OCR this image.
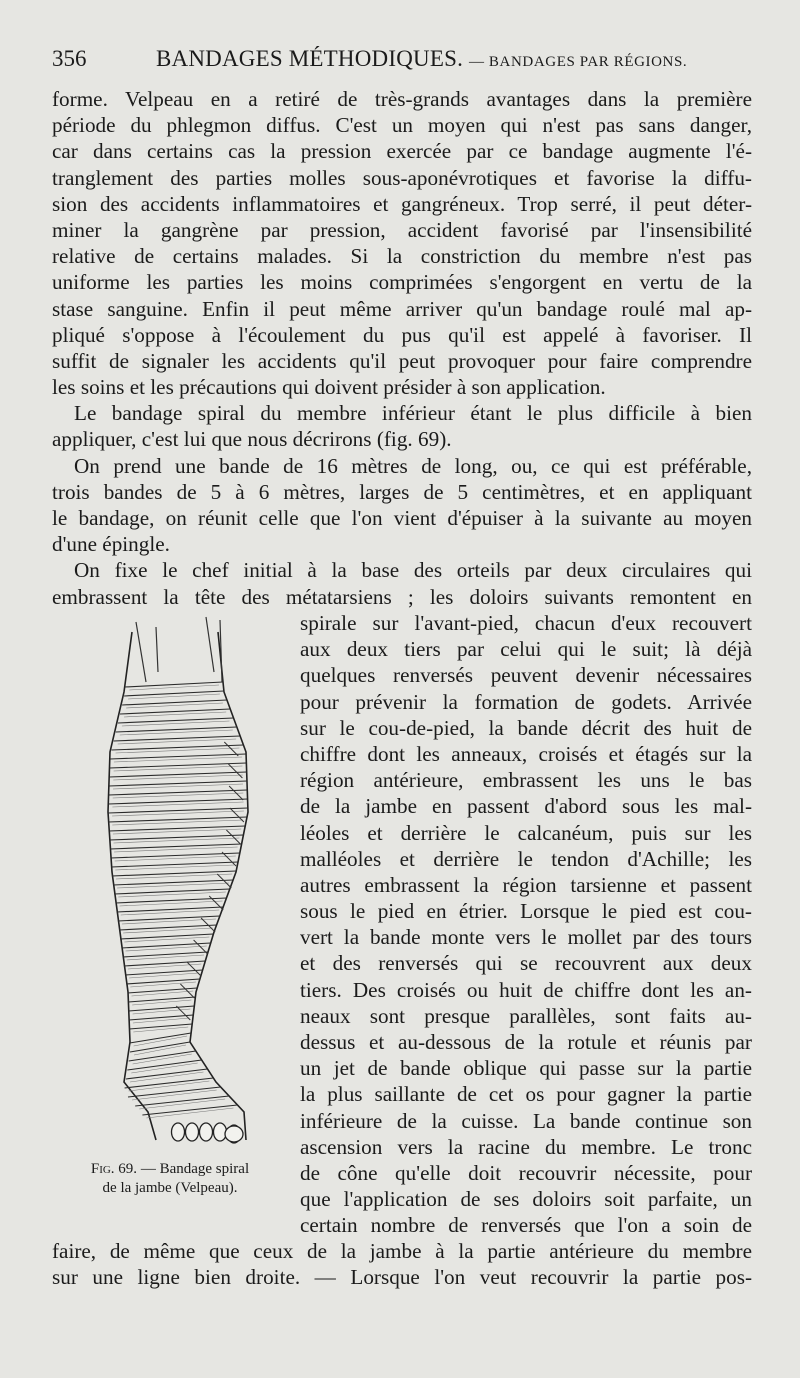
356	BANDAGES MÉTHODIQUES. — BANDAGES PAR RÉGIONS.
forme. Velpeau en a retiré de très-grands avantages dans la première
période du phlegmon diffus. C'est un moyen qui n'est pas sans danger,
car dans certains cas la pression exercée par ce bandage augmente l'é-
tranglement des parties molles sous-aponévrotiques et favorise la diffu-
sion des accidents inflammatoires et gangréneux. Trop serré, il peut déter-
miner la gangrène par pression, accident favorisé par l'insensibilité
relative de certains malades. Si la constriction du membre n'est pas
uniforme les parties les moins comprimées s'engorgent en vertu de la
stase sanguine. Enfin il peut même arriver qu'un bandage roulé mal ap-
pliqué s'oppose à l'écoulement du pus qu'il est appelé à favoriser. Il
suffit de signaler les accidents qu'il peut provoquer pour faire comprendre
les soins et les précautions qui doivent présider à son application.
Le bandage spiral du membre inférieur étant le plus difficile à bien
appliquer, c'est lui que nous décrirons (fig. 69).
On prend une bande de 16 mètres de long, ou, ce qui est préférable,
trois bandes de 5 à 6 mètres, larges de 5 centimètres, et en appliquant
le bandage, on réunit celle que l'on vient d'épuiser à la suivante au moyen
d'une épingle.
On fixe le chef initial à la base des orteils par deux circulaires qui
embrassent la tête des métatarsiens ; les doloirs suivants remontent en
Fig. 69. — Bandage spiral
de la jambe (Velpeau).
spirale sur l'avant-pied, chacun d'eux recouvert
aux deux tiers par celui qui le suit; là déjà
quelques renversés peuvent devenir nécessaires
pour prévenir la formation de godets. Arrivée
sur le cou-de-pied, la bande décrit des huit de
chiffre dont les anneaux, croisés et étagés sur la
région antérieure, embrassent les uns le bas
de la jambe en passent d'abord sous les mal-
léoles et derrière le calcanéum, puis sur les
malléoles et derrière le tendon d'Achille; les
autres embrassent la région tarsienne et passent
sous le pied en étrier. Lorsque le pied est cou-
vert la bande monte vers le mollet par des tours
et des renversés qui se recouvrent aux deux
tiers. Des croisés ou huit de chiffre dont les an-
neaux sont presque parallèles, sont faits au-
dessus et au-dessous de la rotule et réunis par
un jet de bande oblique qui passe sur la partie
la plus saillante de cet os pour gagner la partie
inférieure de la cuisse. La bande continue son
ascension vers la racine du membre. Le tronc
de cône qu'elle doit recouvrir nécessite, pour
que l'application de ses doloirs soit parfaite, un
certain nombre de renversés que l'on a soin de
faire, de même que ceux de la jambe à la partie antérieure du membre
sur une ligne bien droite. — Lorsque l'on veut recouvrir la partie pos-
